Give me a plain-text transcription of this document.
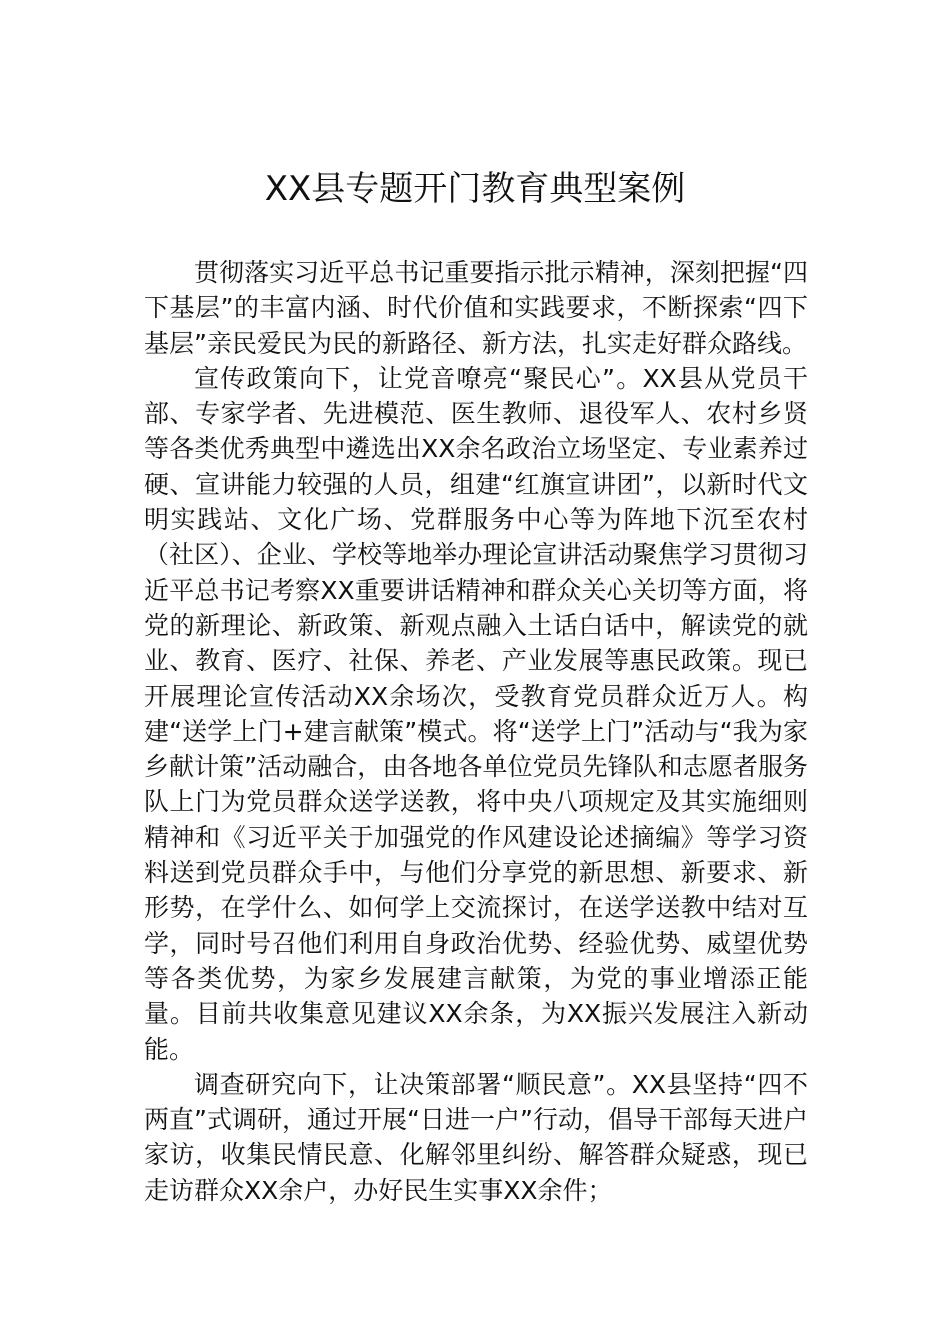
XX县专题开门教育典型案例

贯彻落实习近平总书记重要指示批示精神，深刻把握“四下基层”的丰富内涵、时代价值和实践要求，不断探索“四下基层”亲民爱民为民的新路径、新方法，扎实走好群众路线。

宣传政策向下，让党音嘹亮“聚民心”。XX县从党员干部、专家学者、先进模范、医生教师、退役军人、农村乡贤等各类优秀典型中遴选出XX余名政治立场坚定、专业素养过硬、宣讲能力较强的人员，组建“红旗宣讲团”，以新时代文明实践站、文化广场、党群服务中心等为阵地下沉至农村（社区）、企业、学校等地举办理论宣讲活动聚焦学习贯彻习近平总书记考察XX重要讲话精神和群众关心关切等方面，将党的新理论、新政策、新观点融入土话白话中，解读党的就业、教育、医疗、社保、养老、产业发展等惠民政策。现已开展理论宣传活动XX余场次，受教育党员群众近万人。构建“送学上门+建言献策”模式。将“送学上门”活动与“我为家乡献计策”活动融合，由各地各单位党员先锋队和志愿者服务队上门为党员群众送学送教，将中央八项规定及其实施细则精神和《习近平关于加强党的作风建设论述摘编》等学习资料送到党员群众手中，与他们分享党的新思想、新要求、新形势，在学什么、如何学上交流探讨，在送学送教中结对互学，同时号召他们利用自身政治优势、经验优势、威望优势等各类优势，为家乡发展建言献策，为党的事业增添正能量。目前共收集意见建议XX余条，为XX振兴发展注入新动能。

调查研究向下，让决策部署“顺民意”。XX县坚持“四不两直”式调研，通过开展“日进一户”行动，倡导干部每天进户家访，收集民情民意、化解邻里纠纷、解答群众疑惑，现已走访群众XX余户，办好民生实事XX余件；
